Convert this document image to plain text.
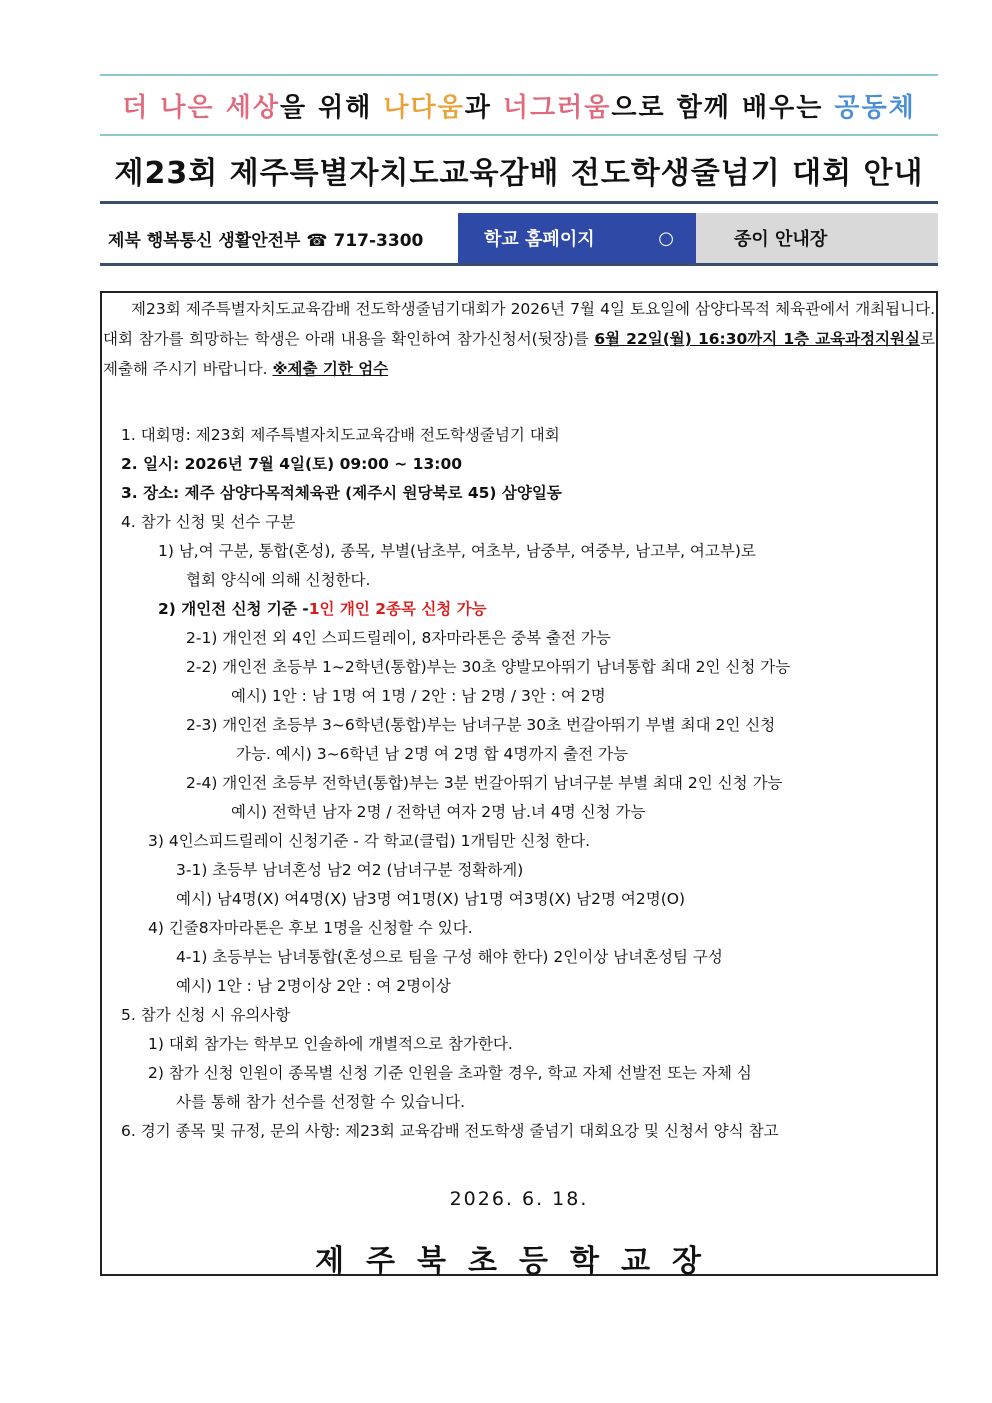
더 나은 세상을 위해 나다움과 너그러움으로 함께 배우는 공동체
제23회 제주특별자치도교육감배 전도학생줄넘기 대회 안내
제북 행복통신 생활안전부 ☎ 717-3300	학교 홈페이지	○	종이 안내장
제23회 제주특별자치도교육감배 전도학생줄넘기대회가 2026년 7월 4일 토요일에 삼양다목적 체육관에서 개최됩니다. 대회 참가를 희망하는 학생은 아래 내용을 확인하여 참가신청서(뒷장)를 6월 22일(월) 16:30까지 1층 교육과정지원실로 제출해 주시기 바랍니다. ※제출 기한 엄수
1. 대회명: 제23회 제주특별자치도교육감배 전도학생줄넘기 대회
2. 일시: 2026년 7월 4일(토) 09:00 ~ 13:00
3. 장소: 제주 삼양다목적체육관 (제주시 원당북로 45) 삼양일동
4. 참가 신청 및 선수 구분
1) 남,여 구분, 통합(혼성), 종목, 부별(남초부, 여초부, 남중부, 여중부, 남고부, 여고부)로
협회 양식에 의해 신청한다.
2) 개인전 신청 기준 -1인 개인 2종목 신청 가능
2-1) 개인전 외 4인 스피드릴레이, 8자마라톤은 중복 출전 가능
2-2) 개인전 초등부 1~2학년(통합)부는 30초 양발모아뛰기 남녀통합 최대 2인 신청 가능
예시) 1안 : 남 1명 여 1명 / 2안 : 남 2명 / 3안 : 여 2명
2-3) 개인전 초등부 3~6학년(통합)부는 남녀구분 30초 번갈아뛰기 부별 최대 2인 신청
가능. 예시) 3~6학년 남 2명 여 2명 합 4명까지 출전 가능
2-4) 개인전 초등부 전학년(통합)부는 3분 번갈아뛰기 남녀구분 부별 최대 2인 신청 가능
예시) 전학년 남자 2명 / 전학년 여자 2명 남.녀 4명 신청 가능
3) 4인스피드릴레이 신청기준 - 각 학교(클럽) 1개팀만 신청 한다.
3-1) 초등부 남녀혼성 남2 여2 (남녀구분 정확하게)
예시) 남4명(X) 여4명(X) 남3명 여1명(X) 남1명 여3명(X) 남2명 여2명(O)
4) 긴줄8자마라톤은 후보 1명을 신청할 수 있다.
4-1) 초등부는 남녀통합(혼성으로 팀을 구성 해야 한다) 2인이상 남녀혼성팀 구성
예시) 1안 : 남 2명이상 2안 : 여 2명이상
5. 참가 신청 시 유의사항
1) 대회 참가는 학부모 인솔하에 개별적으로 참가한다.
2) 참가 신청 인원이 종목별 신청 기준 인원을 초과할 경우, 학교 자체 선발전 또는 자체 심
사를 통해 참가 선수를 선정할 수 있습니다.
6. 경기 종목 및 규정, 문의 사항: 제23회 교육감배 전도학생 줄넘기 대회요강 및 신청서 양식 참고
2026. 6. 18.
제주북초등학교장
